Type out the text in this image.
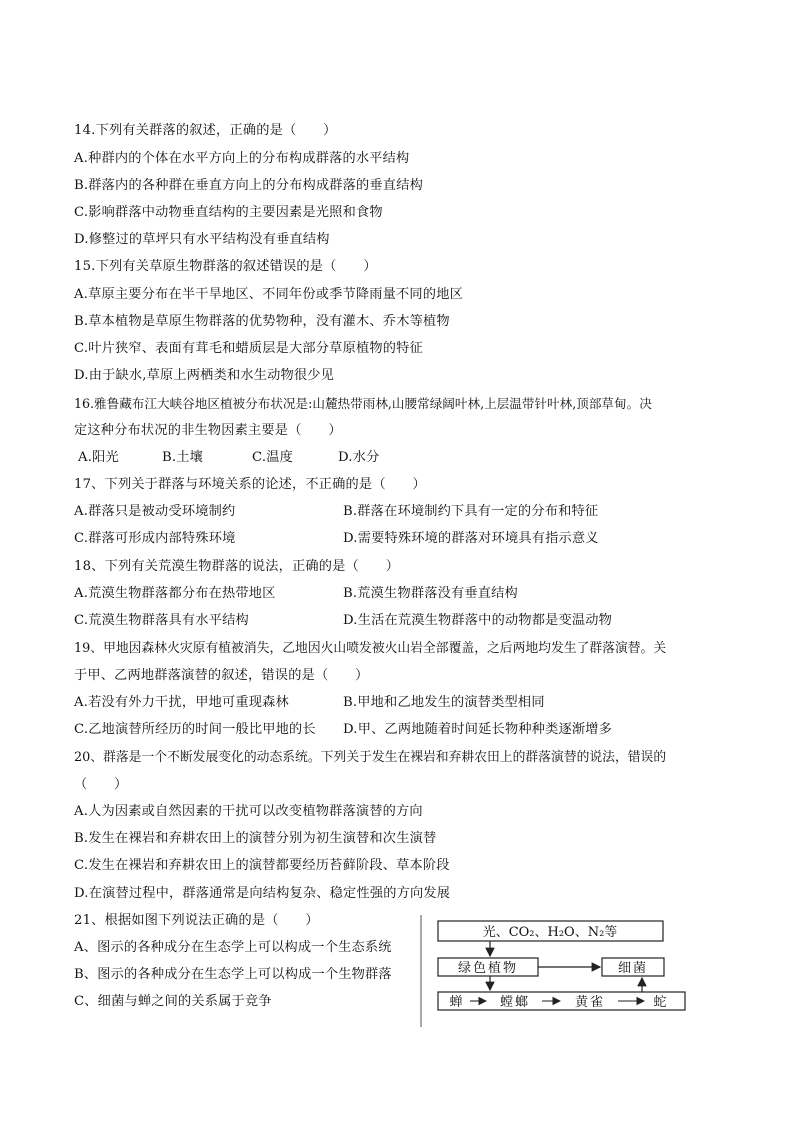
14.下列有关群落的叙述，正确的是（　　）
A.种群内的个体在水平方向上的分布构成群落的水平结构
B.群落内的各种群在垂直方向上的分布构成群落的垂直结构
C.影响群落中动物垂直结构的主要因素是光照和食物
D.修整过的草坪只有水平结构没有垂直结构
15.下列有关草原生物群落的叙述错误的是（　　）
A.草原主要分布在半干旱地区、不同年份或季节降雨量不同的地区
B.草本植物是草原生物群落的优势物种，没有灌木、乔木等植物
C.叶片狭窄、表面有茸毛和蜡质层是大部分草原植物的特征
D.由于缺水,草原上两栖类和水生动物很少见
16.雅鲁藏布江大峡谷地区植被分布状况是:山麓热带雨林,山腰常绿阔叶林,上层温带针叶林,顶部草甸。决
定这种分布状况的非生物因素主要是（　　）
A.阳光	B.土壤	C.温度	D.水分
17、下列关于群落与环境关系的论述，不正确的是（　　）
A.群落只是被动受环境制约	B.群落在环境制约下具有一定的分布和特征
C.群落可形成内部特殊环境	D.需要特殊环境的群落对环境具有指示意义
18、下列有关荒漠生物群落的说法，正确的是（　　）
A.荒漠生物群落都分布在热带地区	B.荒漠生物群落没有垂直结构
C.荒漠生物群落具有水平结构	D.生活在荒漠生物群落中的动物都是变温动物
19、甲地因森林火灾原有植被消失，乙地因火山喷发被火山岩全部覆盖，之后两地均发生了群落演替。关
于甲、乙两地群落演替的叙述，错误的是（　　）
A.若没有外力干扰，甲地可重现森林	B.甲地和乙地发生的演替类型相同
C.乙地演替所经历的时间一般比甲地的长 D.甲、乙两地随着时间延长物种种类逐渐增多
20、群落是一个不断发展变化的动态系统。下列关于发生在裸岩和弃耕农田上的群落演替的说法，错误的
（　　）
A.人为因素或自然因素的干扰可以改变植物群落演替的方向
B.发生在裸岩和弃耕农田上的演替分别为初生演替和次生演替
C.发生在裸岩和弃耕农田上的演替都要经历苔藓阶段、草本阶段
D.在演替过程中，群落通常是向结构复杂、稳定性强的方向发展
21、根据如图下列说法正确的是（　　）
A、图示的各种成分在生态学上可以构成一个生态系统
B、图示的各种成分在生态学上可以构成一个生物群落
C、细菌与蝉之间的关系属于竞争
光、CO₂、H₂O、N₂等
绿色植物	细菌
蝉	螳螂	黄雀	蛇
